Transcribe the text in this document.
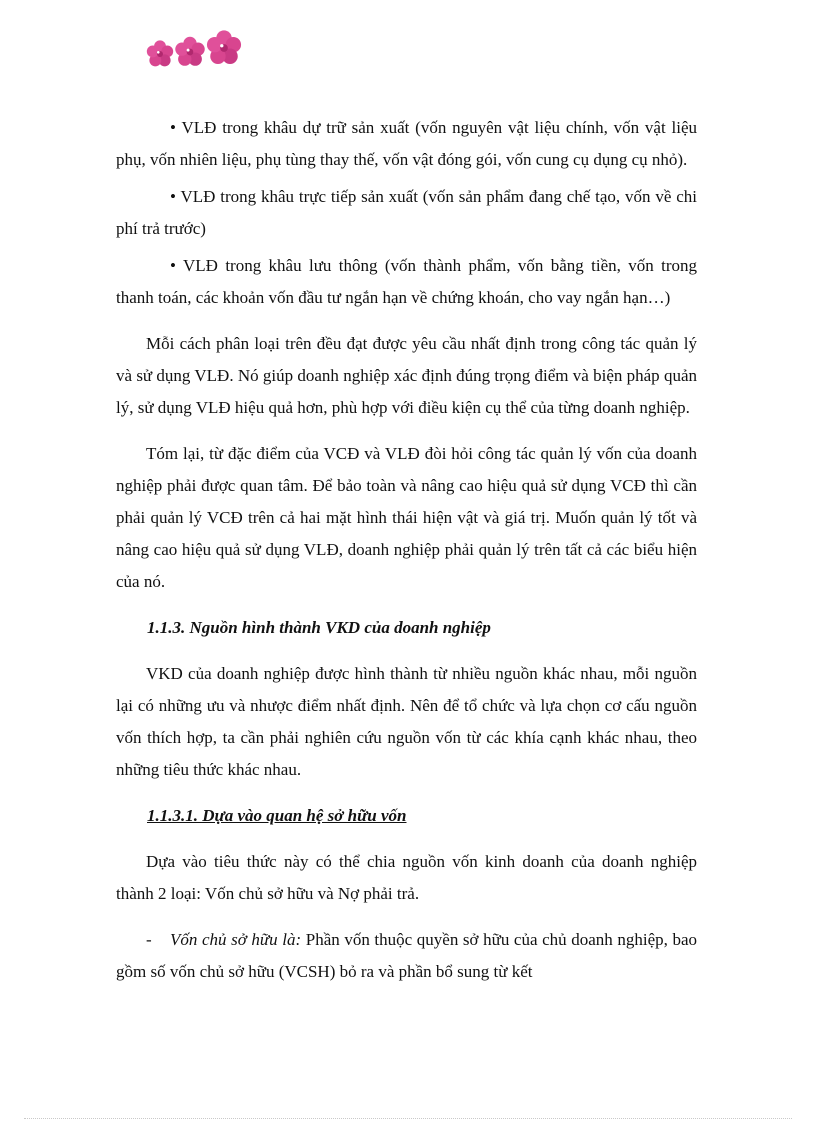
• VLĐ trong khâu dự trữ sản xuất (vốn nguyên vật liệu chính, vốn vật liệu phụ, vốn nhiên liệu, phụ tùng thay thế, vốn vật đóng gói, vốn cung cụ dụng cụ nhỏ).

• VLĐ trong khâu trực tiếp sản xuất (vốn sản phẩm đang chế tạo, vốn về chi phí trả trước)

• VLĐ trong khâu lưu thông (vốn thành phẩm, vốn bằng tiền, vốn trong thanh toán, các khoản vốn đầu tư ngắn hạn về chứng khoán, cho vay ngắn hạn…)

Mỗi cách phân loại trên đều đạt được yêu cầu nhất định trong công tác quản lý và sử dụng VLĐ. Nó giúp doanh nghiệp xác định đúng trọng điểm và biện pháp quản lý, sử dụng VLĐ hiệu quả hơn, phù hợp với điều kiện cụ thể của từng doanh nghiệp.

Tóm lại, từ đặc điểm của VCĐ và VLĐ đòi hỏi công tác quản lý vốn của doanh nghiệp phải được quan tâm. Để bảo toàn và nâng cao hiệu quả sử dụng VCĐ thì cần phải quản lý VCĐ trên cả hai mặt hình thái hiện vật và giá trị. Muốn quản lý tốt và nâng cao hiệu quả sử dụng VLĐ, doanh nghiệp phải quản lý trên tất cả các biểu hiện của nó.

1.1.3. Nguồn hình thành VKD của doanh nghiệp

VKD của doanh nghiệp được hình thành từ nhiều nguồn khác nhau, mỗi nguồn lại có những ưu và nhược điểm nhất định. Nên để tổ chức và lựa chọn cơ cấu nguồn vốn thích hợp, ta cần phải nghiên cứu nguồn vốn từ các khía cạnh khác nhau, theo những tiêu thức khác nhau.

1.1.3.1. Dựa vào quan hệ sở hữu vốn

Dựa vào tiêu thức này có thể chia nguồn vốn kinh doanh của doanh nghiệp thành 2 loại: Vốn chủ sở hữu và Nợ phải trả.

- Vốn chủ sở hữu là: Phần vốn thuộc quyền sở hữu của chủ doanh nghiệp, bao gồm số vốn chủ sở hữu (VCSH) bỏ ra và phần bổ sung từ kết
